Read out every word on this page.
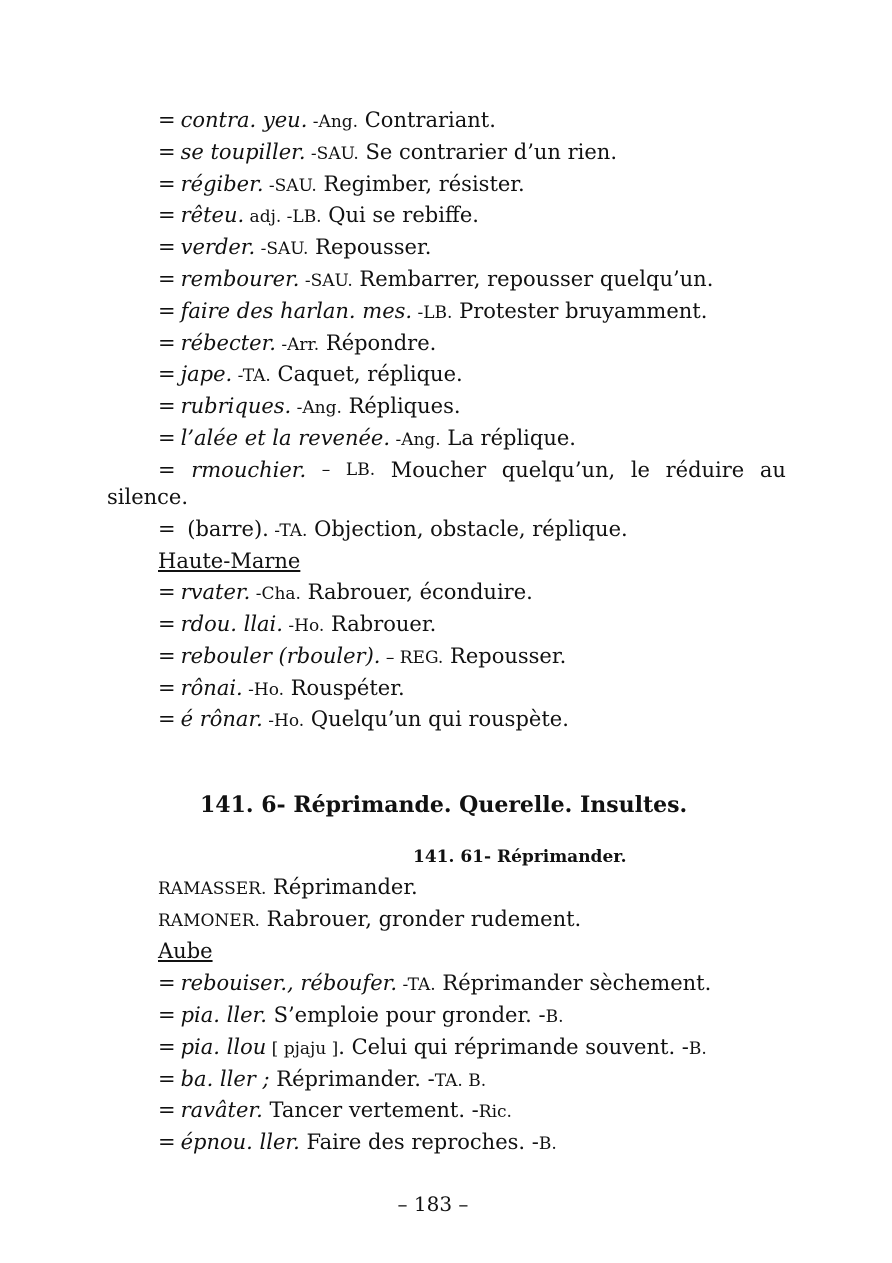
= contra. yeu. -Ang. Contrariant.
= se toupiller. -SAU. Se contrarier d’un rien.
= régiber. -SAU. Regimber, résister.
= rêteu. adj. -LB. Qui se rebiffe.
= verder. -SAU. Repousser.
= rembourer. -SAU. Rembarrer, repousser quelqu’un.
= faire des harlan. mes. -LB. Protester bruyamment.
= rébecter. -Arr. Répondre.
= jape. -TA. Caquet, réplique.
= rubriques. -Ang. Répliques.
= l’alée et la revenée. -Ang. La réplique.
= rmouchier. – LB. Moucher quelqu’un, le réduire au
silence.
= (barre). -TA. Objection, obstacle, réplique.
Haute-Marne
= rvater. -Cha. Rabrouer, éconduire.
= rdou. llai. -Ho. Rabrouer.
= rebouler (rbouler). – REG. Repousser.
= rônai. -Ho. Rouspéter.
= é rônar. -Ho. Quelqu’un qui rouspète.
141. 6- Réprimande. Querelle. Insultes.
141. 61- Réprimander.
RAMASSER. Réprimander.
RAMONER. Rabrouer, gronder rudement.
Aube
= rebouiser., réboufer. -TA. Réprimander sèchement.
= pia. ller. S’emploie pour gronder. -B.
= pia. llou [ pjaju ]. Celui qui réprimande souvent. -B.
= ba. ller ; Réprimander. -TA. B.
= ravâter. Tancer vertement. -Ric.
= épnou. ller. Faire des reproches. -B.
– 183 –
